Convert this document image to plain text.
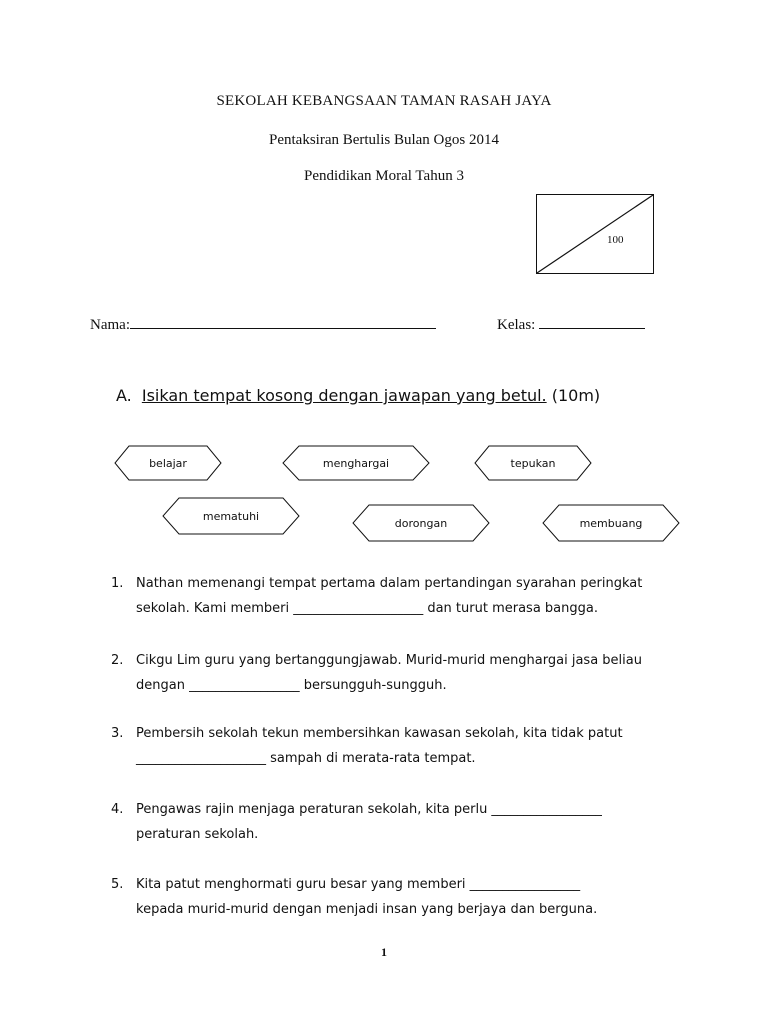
SEKOLAH KEBANGSAAN TAMAN RASAH JAYA
Pentaksiran Bertulis Bulan Ogos 2014
Pendidikan Moral Tahun 3
100
Nama:	Kelas:
A. Isikan tempat kosong dengan jawapan yang betul. (10m)
belajar	menghargai	tepukan
mematuhi
dorongan	membuang
1. Nathan memenangi tempat pertama dalam pertandingan syarahan peringkat
sekolah. Kami memberi ____________________ dan turut merasa bangga.
2. Cikgu Lim guru yang bertanggungjawab. Murid-murid menghargai jasa beliau
dengan _________________ bersungguh-sungguh.
3. Pembersih sekolah tekun membersihkan kawasan sekolah, kita tidak patut
____________________ sampah di merata-rata tempat.
4. Pengawas rajin menjaga peraturan sekolah, kita perlu _________________
peraturan sekolah.
5. Kita patut menghormati guru besar yang memberi _________________
kepada murid-murid dengan menjadi insan yang berjaya dan berguna.
1
